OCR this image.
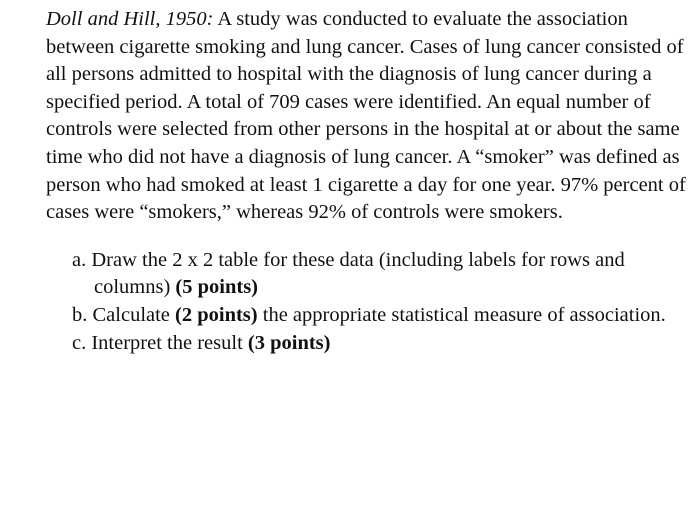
Doll and Hill, 1950: A study was conducted to evaluate the association between cigarette smoking and lung cancer. Cases of lung cancer consisted of all persons admitted to hospital with the diagnosis of lung cancer during a specified period. A total of 709 cases were identified. An equal number of controls were selected from other persons in the hospital at or about the same time who did not have a diagnosis of lung cancer. A “smoker” was defined as person who had smoked at least 1 cigarette a day for one year. 97% percent of cases were “smokers,” whereas 92% of controls were smokers.

a. Draw the 2 x 2 table for these data (including labels for rows and columns) (5 points)
b. Calculate (2 points) the appropriate statistical measure of association.
c. Interpret the result (3 points)
